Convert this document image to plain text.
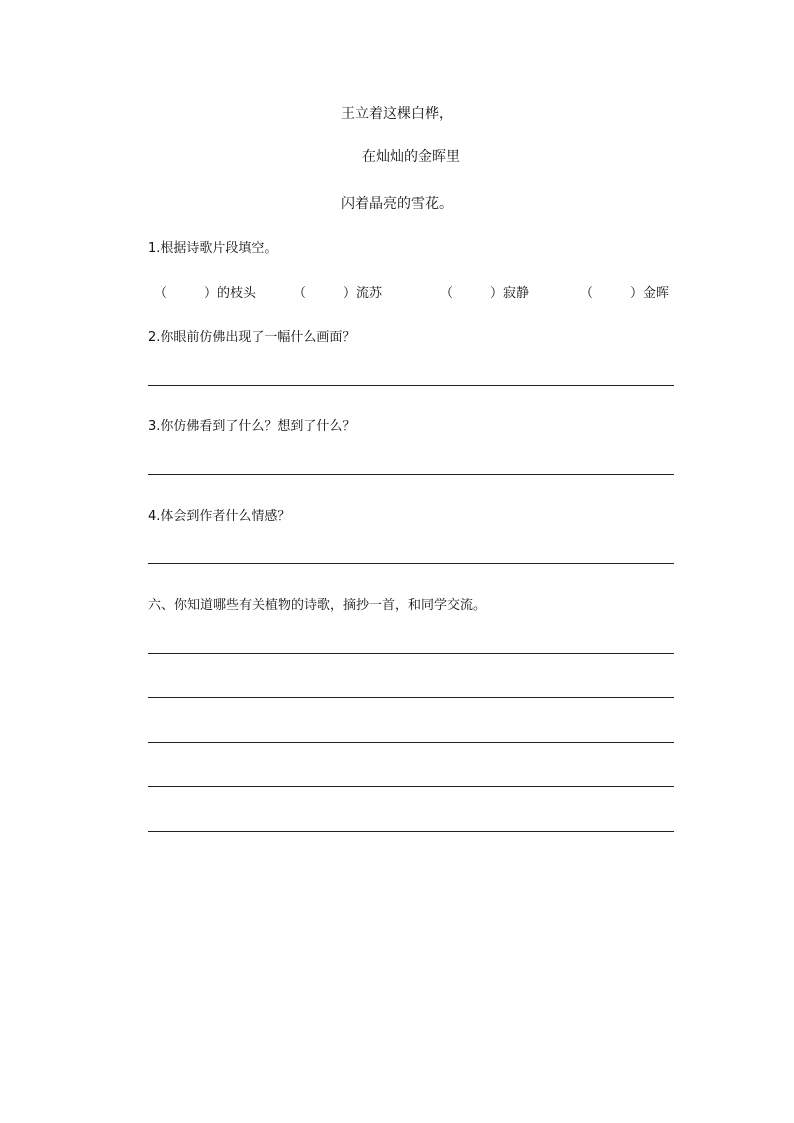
王立着这棵白桦，
在灿灿的金晖里
闪着晶亮的雪花。
1.根据诗歌片段填空。
（	）的枝头	（	）流苏	（	）寂静	（	）金晖
2.你眼前仿佛出现了一幅什么画面？
3.你仿佛看到了什么？想到了什么？
4.体会到作者什么情感？
六、你知道哪些有关植物的诗歌，摘抄一首，和同学交流。
